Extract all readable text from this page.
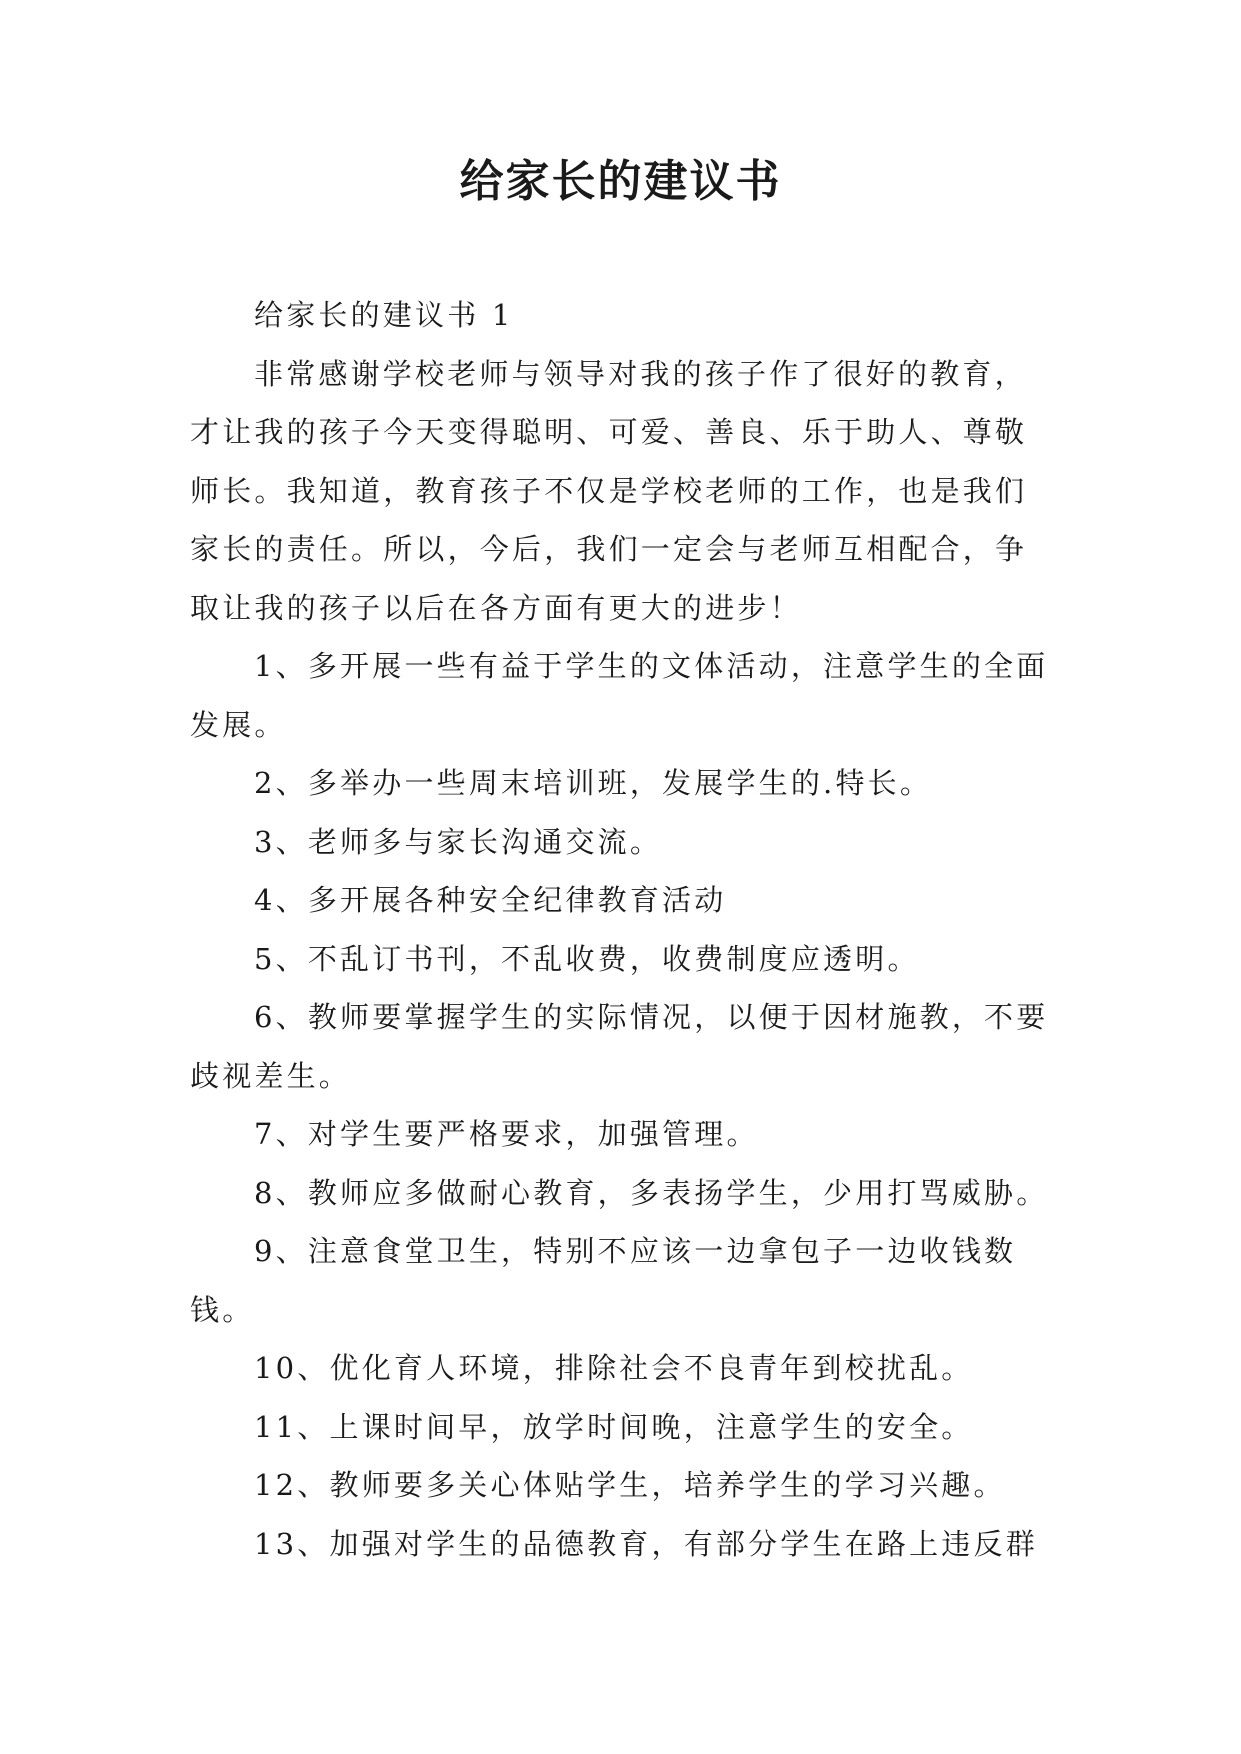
给家长的建议书

给家长的建议书 1

非常感谢学校老师与领导对我的孩子作了很好的教育，才让我的孩子今天变得聪明、可爱、善良、乐于助人、尊敬师长。我知道，教育孩子不仅是学校老师的工作，也是我们家长的责任。所以，今后，我们一定会与老师互相配合，争取让我的孩子以后在各方面有更大的进步！

1、多开展一些有益于学生的文体活动，注意学生的全面发展。

2、多举办一些周末培训班，发展学生的.特长。

3、老师多与家长沟通交流。

4、多开展各种安全纪律教育活动

5、不乱订书刊，不乱收费，收费制度应透明。

6、教师要掌握学生的实际情况，以便于因材施教，不要歧视差生。

7、对学生要严格要求，加强管理。

8、教师应多做耐心教育，多表扬学生，少用打骂威胁。

9、注意食堂卫生，特别不应该一边拿包子一边收钱数钱。

10、优化育人环境，排除社会不良青年到校扰乱。

11、上课时间早，放学时间晚，注意学生的安全。

12、教师要多关心体贴学生，培养学生的学习兴趣。

13、加强对学生的品德教育，有部分学生在路上违反群
